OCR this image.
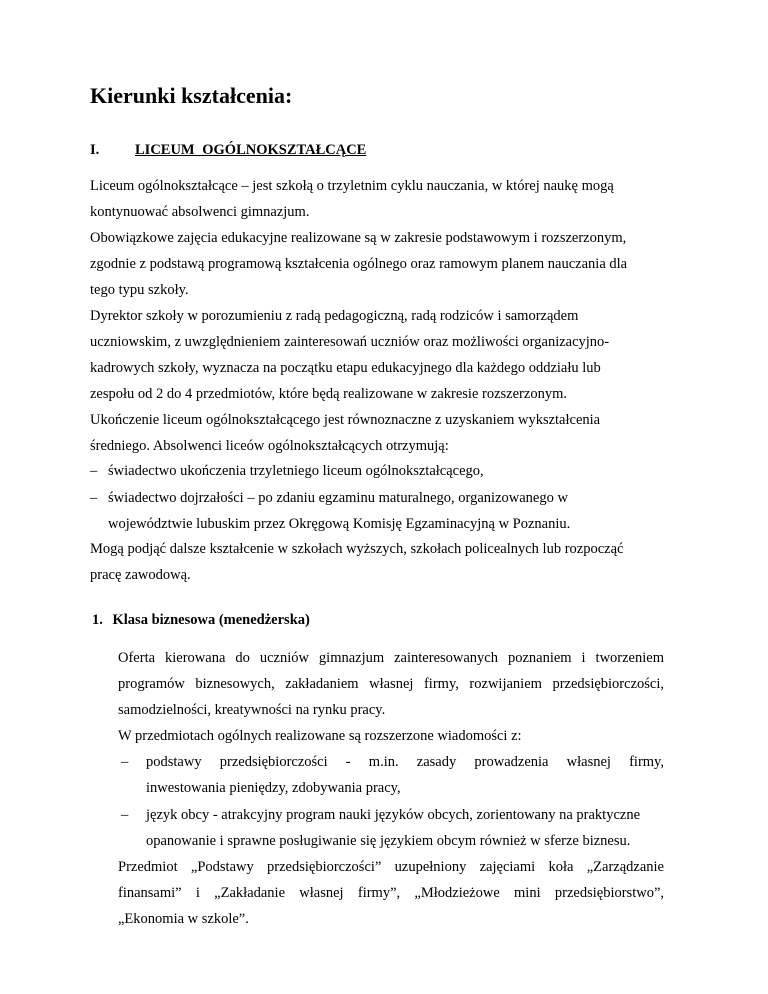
Kierunki kształcenia:
I. LICEUM OGÓLNOKSZTAŁCĄCE
Liceum ogólnokształcące – jest szkołą o trzyletnim cyklu nauczania, w której naukę mogą
kontynuować absolwenci gimnazjum.
Obowiązkowe zajęcia edukacyjne realizowane są w zakresie podstawowym i rozszerzonym,
zgodnie z podstawą programową kształcenia ogólnego oraz ramowym planem nauczania dla
tego typu szkoły.
Dyrektor szkoły w porozumieniu z radą pedagogiczną, radą rodziców i samorządem
uczniowskim, z uwzględnieniem zainteresowań uczniów oraz możliwości organizacyjno-
kadrowych szkoły, wyznacza na początku etapu edukacyjnego dla każdego oddziału lub
zespołu od 2 do 4 przedmiotów, które będą realizowane w zakresie rozszerzonym.
Ukończenie liceum ogólnokształcącego jest równoznaczne z uzyskaniem wykształcenia
średniego. Absolwenci liceów ogólnokształcących otrzymują:
– świadectwo ukończenia trzyletniego liceum ogólnokształcącego,
– świadectwo dojrzałości – po zdaniu egzaminu maturalnego, organizowanego w
województwie lubuskim przez Okręgową Komisję Egzaminacyjną w Poznaniu.
Mogą podjąć dalsze kształcenie w szkołach wyższych, szkołach policealnych lub rozpocząć
pracę zawodową.
1. Klasa biznesowa (menedżerska)
Oferta kierowana do uczniów gimnazjum zainteresowanych poznaniem i tworzeniem
programów biznesowych, zakładaniem własnej firmy, rozwijaniem przedsiębiorczości,
samodzielności, kreatywności na rynku pracy.
W przedmiotach ogólnych realizowane są rozszerzone wiadomości z:
– podstawy przedsiębiorczości - m.in. zasady prowadzenia własnej firmy,
inwestowania pieniędzy, zdobywania pracy,
– język obcy - atrakcyjny program nauki języków obcych, zorientowany na praktyczne
opanowanie i sprawne posługiwanie się językiem obcym również w sferze biznesu.
Przedmiot „Podstawy przedsiębiorczości” uzupełniony zajęciami koła „Zarządzanie
finansami” i „Zakładanie własnej firmy”, „Młodzieżowe mini przedsiębiorstwo”,
„Ekonomia w szkole”.
